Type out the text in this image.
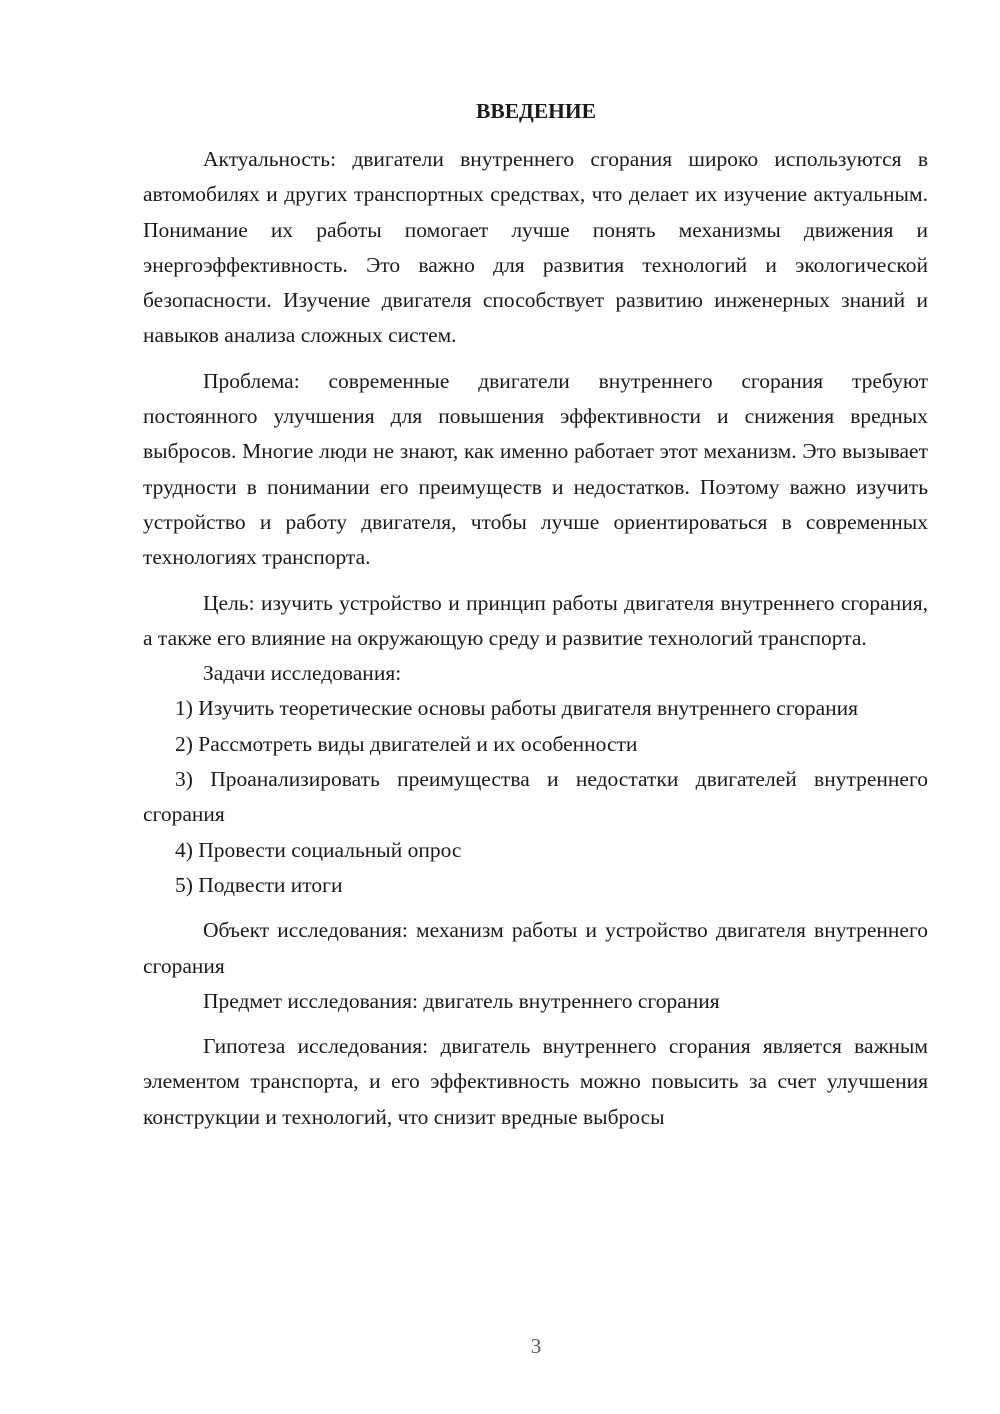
ВВЕДЕНИЕ

Актуальность: двигатели внутреннего сгорания широко используются в автомобилях и других транспортных средствах, что делает их изучение актуальным. Понимание их работы помогает лучше понять механизмы движения и энергоэффективность. Это важно для развития технологий и экологической безопасности. Изучение двигателя способствует развитию инженерных знаний и навыков анализа сложных систем.

Проблема: современные двигатели внутреннего сгорания требуют постоянного улучшения для повышения эффективности и снижения вредных выбросов. Многие люди не знают, как именно работает этот механизм. Это вызывает трудности в понимании его преимуществ и недостатков. Поэтому важно изучить устройство и работу двигателя, чтобы лучше ориентироваться в современных технологиях транспорта.

Цель: изучить устройство и принцип работы двигателя внутреннего сгорания, а также его влияние на окружающую среду и развитие технологий транспорта.

Задачи исследования:

1) Изучить теоретические основы работы двигателя внутреннего сгорания

2) Рассмотреть виды двигателей и их особенности

3) Проанализировать преимущества и недостатки двигателей внутреннего сгорания

4) Провести социальный опрос

5) Подвести итоги

Объект исследования: механизм работы и устройство двигателя внутреннего сгорания

Предмет исследования: двигатель внутреннего сгорания

Гипотеза исследования: двигатель внутреннего сгорания является важным элементом транспорта, и его эффективность можно повысить за счет улучшения конструкции и технологий, что снизит вредные выбросы

3
